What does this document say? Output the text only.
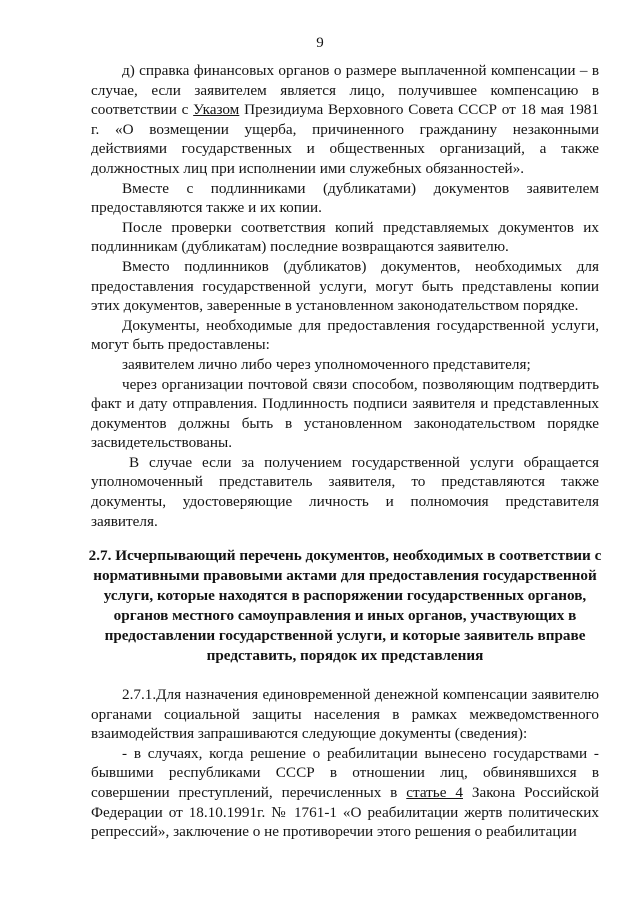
9

д) справка финансовых органов о размере выплаченной компенсации – в случае, если заявителем является лицо, получившее компенсацию в соответствии с Указом Президиума Верховного Совета СССР от 18 мая 1981 г. «О возмещении ущерба, причиненного гражданину незаконными действиями государственных и общественных организаций, а также должностных лиц при исполнении ими служебных обязанностей».

Вместе с подлинниками (дубликатами) документов заявителем предоставляются также и их копии.

После проверки соответствия копий представляемых документов их подлинникам (дубликатам) последние возвращаются заявителю.

Вместо подлинников (дубликатов) документов, необходимых для предоставления государственной услуги, могут быть представлены копии этих документов, заверенные в установленном законодательством порядке.

Документы, необходимые для предоставления государственной услуги, могут быть предоставлены:

заявителем лично либо через уполномоченного представителя;

через организации почтовой связи способом, позволяющим подтвердить факт и дату отправления. Подлинность подписи заявителя и представленных документов должны быть в установленном законодательством порядке засвидетельствованы.

В случае если за получением государственной услуги обращается уполномоченный представитель заявителя, то представляются также документы, удостоверяющие личность и полномочия представителя заявителя.

2.7. Исчерпывающий перечень документов, необходимых в соответствии с нормативными правовыми актами для предоставления государственной услуги, которые находятся в распоряжении государственных органов, органов местного самоуправления и иных органов, участвующих в предоставлении государственной услуги, и которые заявитель вправе представить, порядок их представления

2.7.1.Для назначения единовременной денежной компенсации заявителю органами социальной защиты населения в рамках межведомственного взаимодействия запрашиваются следующие документы (сведения):

- в случаях, когда решение о реабилитации вынесено государствами - бывшими республиками СССР в отношении лиц, обвинявшихся в совершении преступлений, перечисленных в статье 4 Закона Российской Федерации от 18.10.1991г. № 1761-1 «О реабилитации жертв политических репрессий», заключение о не противоречии этого решения о реабилитации
